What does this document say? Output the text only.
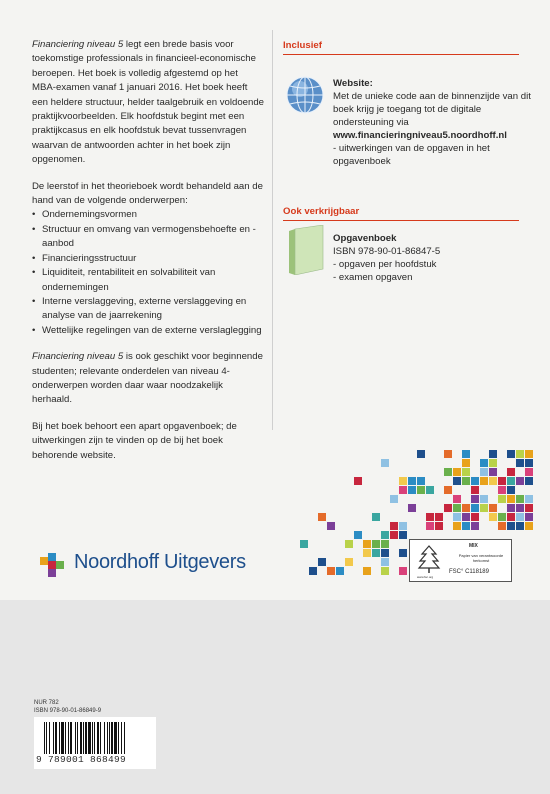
Financiering niveau 5 legt een brede basis voor toekomstige professionals in financieel-economische beroepen. Het boek is volledig afgestemd op het MBA-examen vanaf 1 januari 2016. Het boek heeft een heldere structuur, helder taalgebruik en voldoende praktijkvoorbeelden. Elk hoofdstuk begint met een praktijkcasus en elk hoofdstuk bevat tussenvragen waarvan de antwoorden achter in het boek zijn opgenomen.

De leerstof in het theorieboek wordt behandeld aan de hand van de volgende onderwerpen:

• Ondernemingsvormen
• Structuur en omvang van vermogensbehoefte en -aanbod
• Financieringsstructuur
• Liquiditeit, rentabiliteit en solvabiliteit van ondernemingen
• Interne verslaggeving, externe verslaggeving en analyse van de jaarrekening
• Wettelijke regelingen van de externe verslaglegging

Financiering niveau 5 is ook geschikt voor beginnende studenten; relevante onderdelen van niveau 4-onderwerpen worden daar waar noodzakelijk herhaald.

Bij het boek behoort een apart opgavenboek; de uitwerkingen zijn te vinden op de bij het boek behorende website.

Inclusief
Website:
Met de unieke code aan de binnenzijde van dit boek krijg je toegang tot de digitale ondersteuning via
www.financieringniveau5.noordhoff.nl
- uitwerkingen van de opgaven in het opgavenboek
Ook verkrijgbaar
Opgavenboek
ISBN 978-90-01-86847-5
- opgaven per hoofdstuk
- examen opgaven
Noordhoff Uitgevers
MIX
Papier van verantwoorde herkomst
FSC° C118189
www.fsc.org
NUR 782
ISBN 978-90-01-86849-9
9 789001 868499
